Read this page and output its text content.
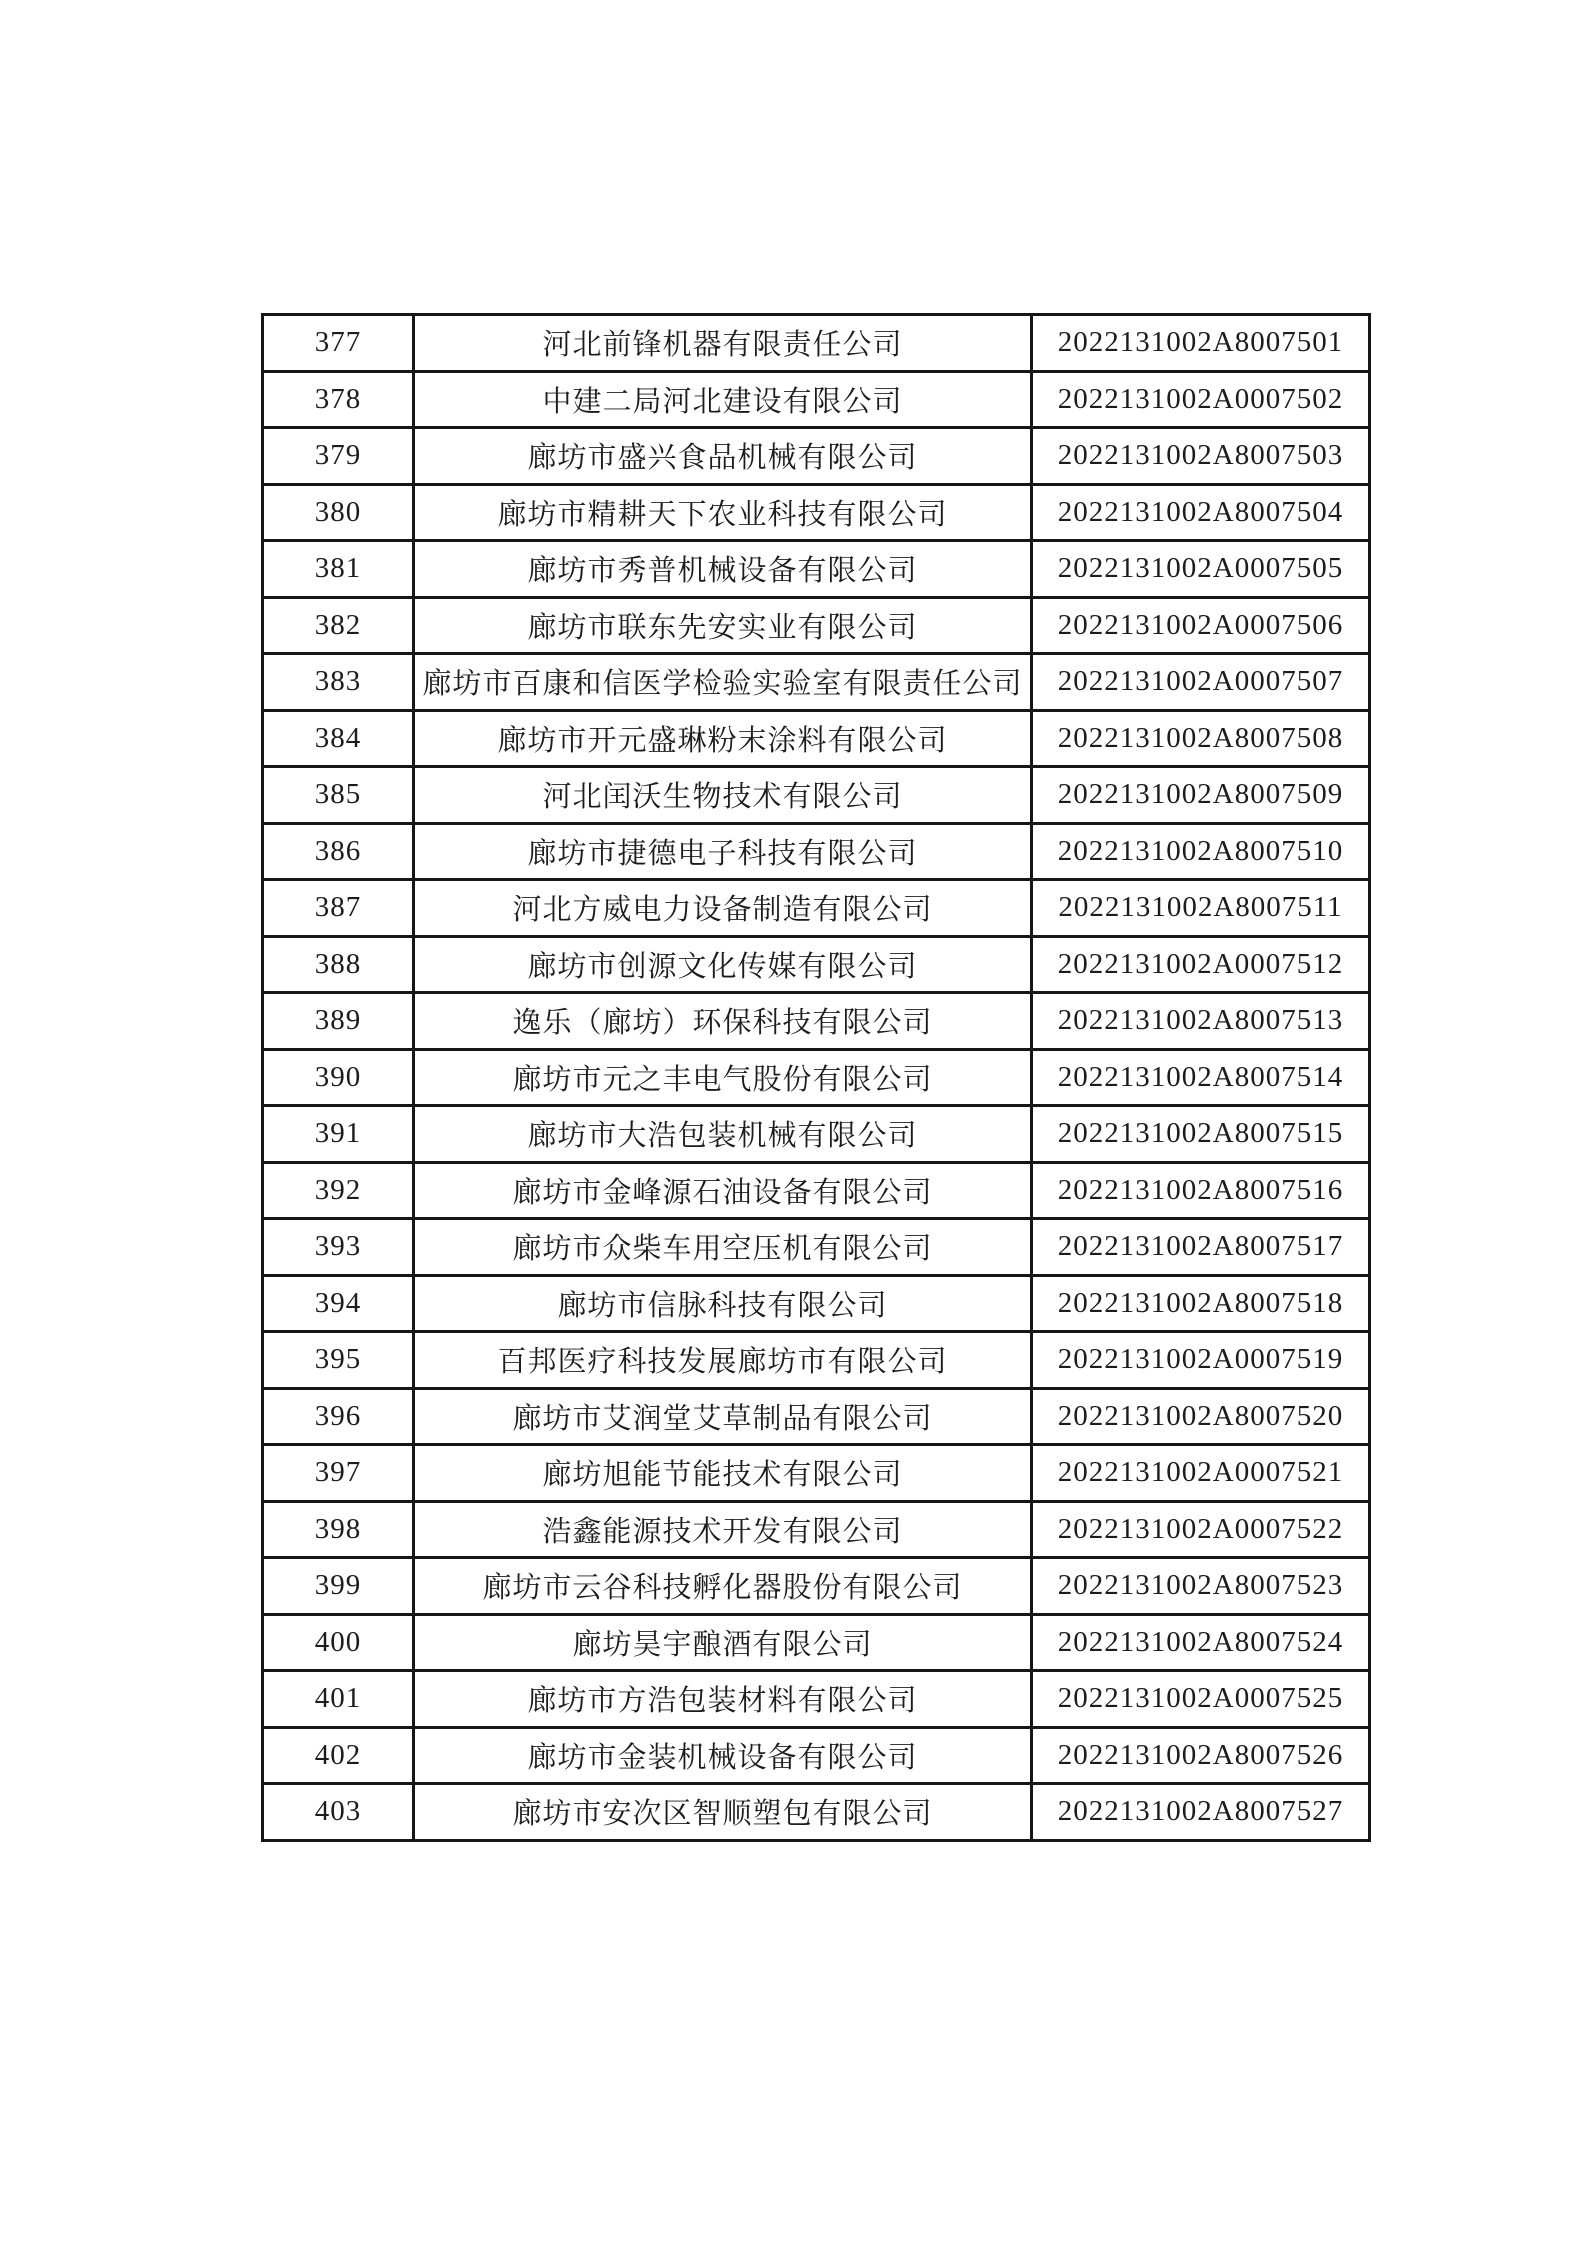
377	河北前锋机器有限责任公司	2022131002A8007501
378	中建二局河北建设有限公司	2022131002A0007502
379	廊坊市盛兴食品机械有限公司	2022131002A8007503
380	廊坊市精耕天下农业科技有限公司	2022131002A8007504
381	廊坊市秀普机械设备有限公司	2022131002A0007505
382	廊坊市联东先安实业有限公司	2022131002A0007506
383	廊坊市百康和信医学检验实验室有限责任公司	2022131002A0007507
384	廊坊市开元盛琳粉末涂料有限公司	2022131002A8007508
385	河北闰沃生物技术有限公司	2022131002A8007509
386	廊坊市捷德电子科技有限公司	2022131002A8007510
387	河北方威电力设备制造有限公司	2022131002A8007511
388	廊坊市创源文化传媒有限公司	2022131002A0007512
389	逸乐（廊坊）环保科技有限公司	2022131002A8007513
390	廊坊市元之丰电气股份有限公司	2022131002A8007514
391	廊坊市大浩包装机械有限公司	2022131002A8007515
392	廊坊市金峰源石油设备有限公司	2022131002A8007516
393	廊坊市众柴车用空压机有限公司	2022131002A8007517
394	廊坊市信脉科技有限公司	2022131002A8007518
395	百邦医疗科技发展廊坊市有限公司	2022131002A0007519
396	廊坊市艾润堂艾草制品有限公司	2022131002A8007520
397	廊坊旭能节能技术有限公司	2022131002A0007521
398	浩鑫能源技术开发有限公司	2022131002A0007522
399	廊坊市云谷科技孵化器股份有限公司	2022131002A8007523
400	廊坊昊宇酿酒有限公司	2022131002A8007524
401	廊坊市方浩包装材料有限公司	2022131002A0007525
402	廊坊市金装机械设备有限公司	2022131002A8007526
403	廊坊市安次区智顺塑包有限公司	2022131002A8007527
